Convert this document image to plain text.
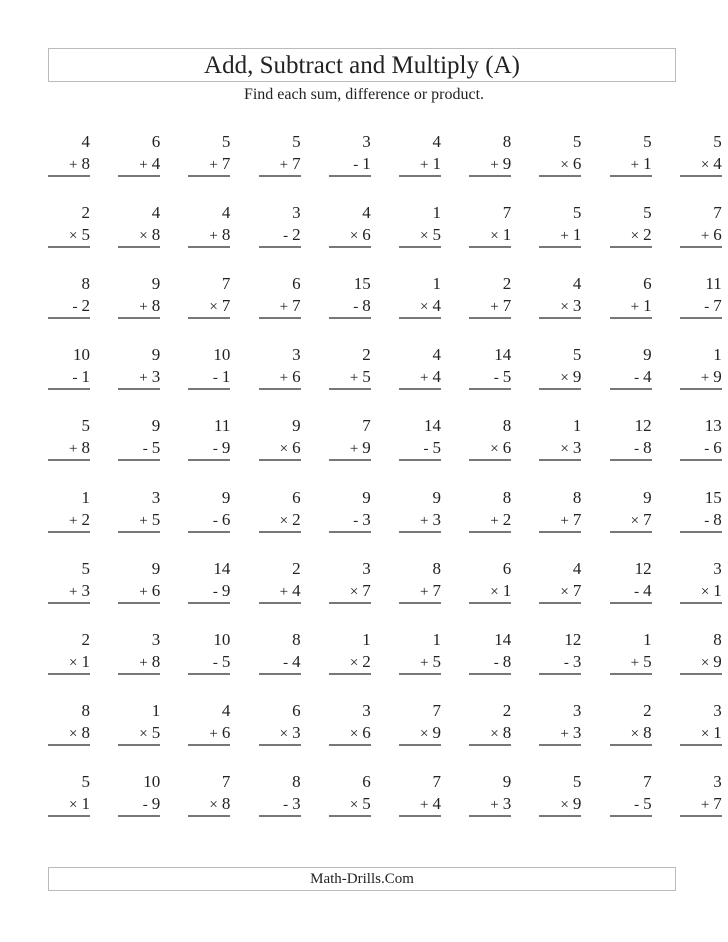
Add, Subtract and Multiply (A)
Find each sum, difference or product.
4
+ 8
6
+ 4
5
+ 7
5
+ 7
3
- 1
4
+ 1
8
+ 9
5
× 6
5
+ 1
5
× 4
2
× 5
4
× 8
4
+ 8
3
- 2
4
× 6
1
× 5
7
× 1
5
+ 1
5
× 2
7
+ 6
8
- 2
9
+ 8
7
× 7
6
+ 7
15
- 8
1
× 4
2
+ 7
4
× 3
6
+ 1
11
- 7
10
- 1
9
+ 3
10
- 1
3
+ 6
2
+ 5
4
+ 4
14
- 5
5
× 9
9
- 4
1
+ 9
5
+ 8
9
- 5
11
- 9
9
× 6
7
+ 9
14
- 5
8
× 6
1
× 3
12
- 8
13
- 6
1
+ 2
3
+ 5
9
- 6
6
× 2
9
- 3
9
+ 3
8
+ 2
8
+ 7
9
× 7
15
- 8
5
+ 3
9
+ 6
14
- 9
2
+ 4
3
× 7
8
+ 7
6
× 1
4
× 7
12
- 4
3
× 1
2
× 1
3
+ 8
10
- 5
8
- 4
1
× 2
1
+ 5
14
- 8
12
- 3
1
+ 5
8
× 9
8
× 8
1
× 5
4
+ 6
6
× 3
3
× 6
7
× 9
2
× 8
3
+ 3
2
× 8
3
× 1
5
× 1
10
- 9
7
× 8
8
- 3
6
× 5
7
+ 4
9
+ 3
5
× 9
7
- 5
3
+ 7
Math-Drills.Com
